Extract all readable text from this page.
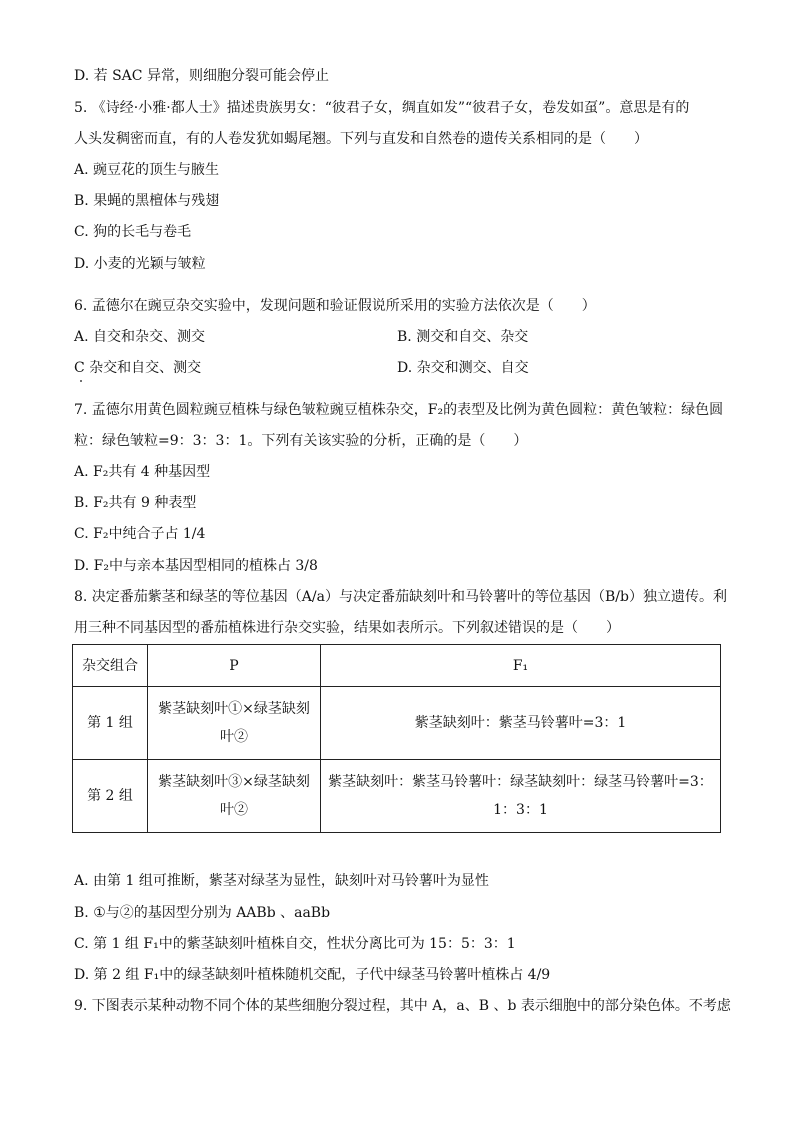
D. 若 SAC 异常，则细胞分裂可能会停止
5. 《诗经·小雅·都人士》描述贵族男女：“彼君子女，绸直如发”“彼君子女，卷发如虿”。意思是有的
人头发稠密而直，有的人卷发犹如蝎尾翘。下列与直发和自然卷的遗传关系相同的是（　　）
A. 豌豆花的顶生与腋生
B. 果蝇的黑檀体与残翅
C. 狗的长毛与卷毛
D. 小麦的光颖与皱粒
6. 孟德尔在豌豆杂交实验中，发现问题和验证假说所采用的实验方法依次是（　　）
A. 自交和杂交、测交	B. 测交和自交、杂交
C 杂交和自交、测交	D. 杂交和测交、自交
7. 孟德尔用黄色圆粒豌豆植株与绿色皱粒豌豆植株杂交，F₂的表型及比例为黄色圆粒：黄色皱粒：绿色圆
粒：绿色皱粒=9：3：3：1。下列有关该实验的分析，正确的是（　　）
A. F₂共有 4 种基因型
B. F₂共有 9 种表型
C. F₂中纯合子占 1/4
D. F₂中与亲本基因型相同的植株占 3/8
8. 决定番茄紫茎和绿茎的等位基因（A/a）与决定番茄缺刻叶和马铃薯叶的等位基因（B/b）独立遗传。利
用三种不同基因型的番茄植株进行杂交实验，结果如表所示。下列叙述错误的是（　　）
杂交组合	P	F₁
第 1 组	紫茎缺刻叶①×绿茎缺刻叶②	紫茎缺刻叶：紫茎马铃薯叶=3：1
第 2 组	紫茎缺刻叶③×绿茎缺刻叶②	紫茎缺刻叶：紫茎马铃薯叶：绿茎缺刻叶：绿茎马铃薯叶=3：1：3：1
A. 由第 1 组可推断，紫茎对绿茎为显性，缺刻叶对马铃薯叶为显性
B. ①与②的基因型分别为 AABb 、aaBb
C. 第 1 组 F₁中的紫茎缺刻叶植株自交，性状分离比可为 15：5：3：1
D. 第 2 组 F₁中的绿茎缺刻叶植株随机交配，子代中绿茎马铃薯叶植株占 4/9
9. 下图表示某种动物不同个体的某些细胞分裂过程，其中 A，a、B 、b 表示细胞中的部分染色体。不考虑
